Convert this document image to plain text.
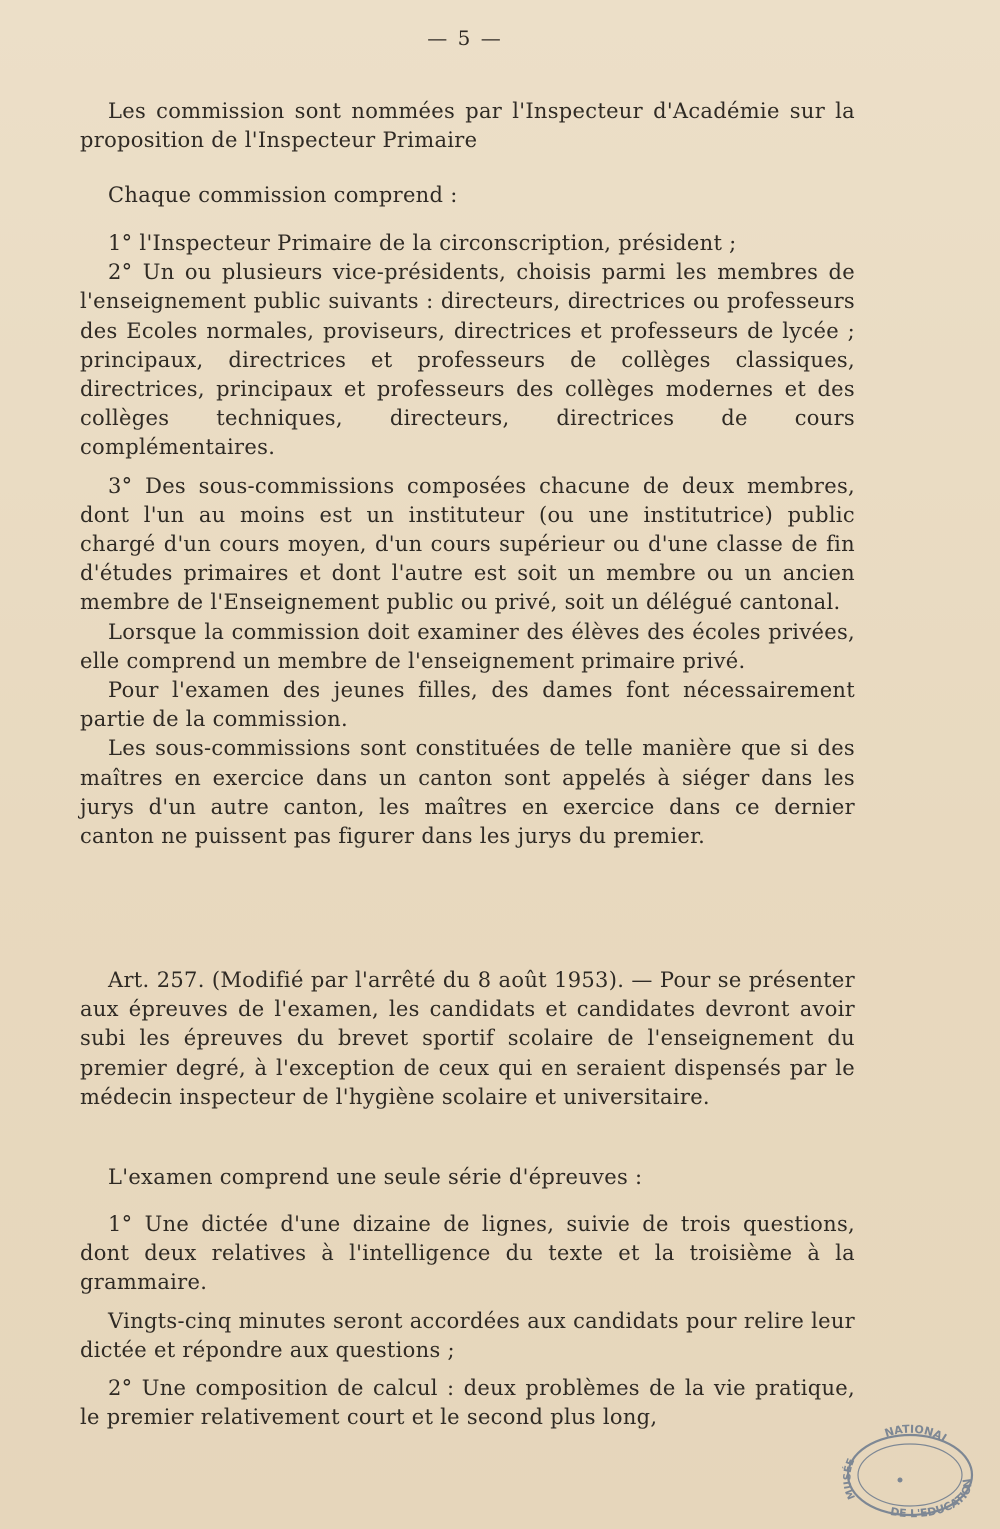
— 5 —

Les commission sont nommées par l'Inspecteur d'Académie sur la proposition de l'Inspecteur Primaire

Chaque commission comprend :

1° l'Inspecteur Primaire de la circonscription, président ;

2° Un ou plusieurs vice-présidents, choisis parmi les membres de l'enseignement public suivants : directeurs, directrices ou professeurs des Ecoles normales, proviseurs, directrices et professeurs de lycée ; principaux, directrices et professeurs de collèges classiques, directrices, principaux et professeurs des collèges modernes et des collèges techniques, directeurs, directrices de cours complémentaires.

3° Des sous-commissions composées chacune de deux membres, dont l'un au moins est un instituteur (ou une institutrice) public chargé d'un cours moyen, d'un cours supérieur ou d'une classe de fin d'études primaires et dont l'autre est soit un membre ou un ancien membre de l'Enseignement public ou privé, soit un délégué cantonal.

Lorsque la commission doit examiner des élèves des écoles privées, elle comprend un membre de l'enseignement primaire privé.

Pour l'examen des jeunes filles, des dames font nécessairement partie de la commission.

Les sous-commissions sont constituées de telle manière que si des maîtres en exercice dans un canton sont appelés à siéger dans les jurys d'un autre canton, les maîtres en exercice dans ce dernier canton ne puissent pas figurer dans les jurys du premier.

Art. 257. (Modifié par l'arrêté du 8 août 1953). — Pour se présenter aux épreuves de l'examen, les candidats et candidates devront avoir subi les épreuves du brevet sportif scolaire de l'enseignement du premier degré, à l'exception de ceux qui en seraient dispensés par le médecin inspecteur de l'hygiène scolaire et universitaire.

L'examen comprend une seule série d'épreuves :

1° Une dictée d'une dizaine de lignes, suivie de trois questions, dont deux relatives à l'intelligence du texte et la troisième à la grammaire.

Vingts-cinq minutes seront accordées aux candidats pour relire leur dictée et répondre aux questions ;

2° Une composition de calcul : deux problèmes de la vie pratique, le premier relativement court et le second plus long,

NATIONAL
DE L'EDUCATION
MUSÉE
